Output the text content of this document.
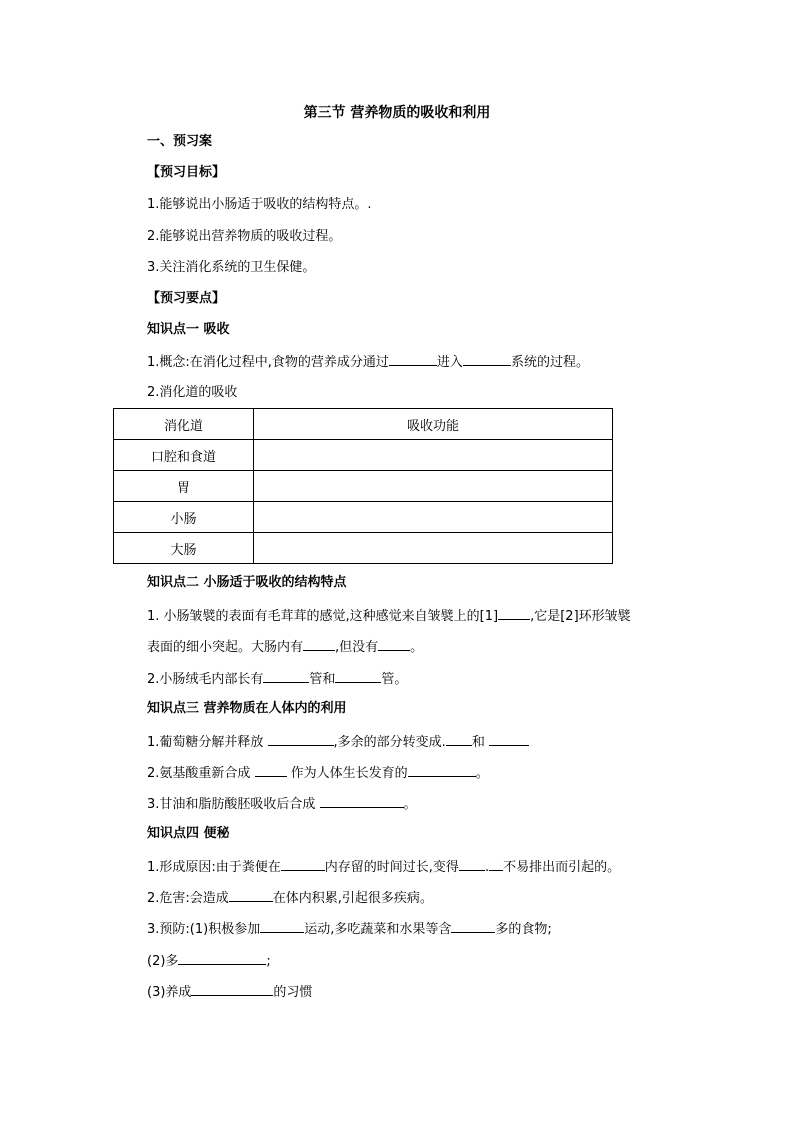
第三节 营养物质的吸收和利用
一、预习案
【预习目标】
1.能够说出小肠适于吸收的结构特点。.
2.能够说出营养物质的吸收过程。
3.关注消化系统的卫生保健。
【预习要点】
知识点一 吸收
1.概念:在消化过程中,食物的营养成分通过	进入	系统的过程。
2.消化道的吸收
消化道	吸收功能
口腔和食道	
胃	
小肠	
大肠	
知识点二 小肠适于吸收的结构特点
1. 小肠皱襞的表面有毛茸茸的感觉,这种感觉来自皱襞上的[1] ,它是[2]环形皱襞
表面的细小突起。大肠内有 ,但没有 。
2.小肠绒毛内部长有	管和	管。
知识点三 营养物质在人体内的利用
1.葡萄糖分解并释放	,多余的部分转变成. 和
2.氨基酸重新合成  作为人体生长发育的	。
3.甘油和脂肪酸胚吸收后合成	。
知识点四 便秘
1.形成原因:由于粪便在	内存留的时间过长,变得 . 不易排出而引起的。
2.危害:会造成	在体内积累,引起很多疾病。
3.预防:(1)积极参加	运动,多吃蔬菜和水果等含	多的食物;
(2)多	;
(3)养成	的习惯
